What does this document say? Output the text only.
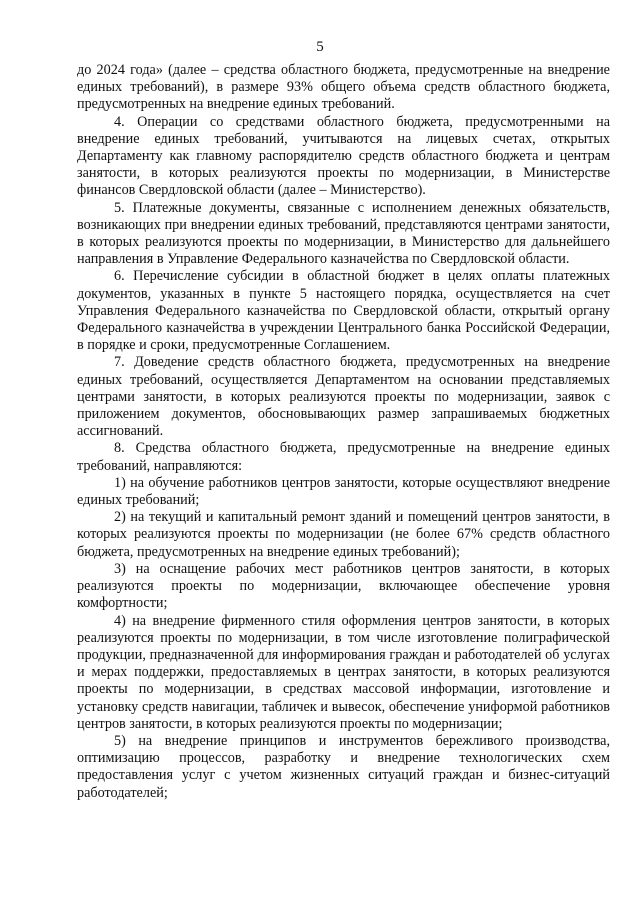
5

до 2024 года» (далее – средства областного бюджета, предусмотренные на внедрение единых требований), в размере 93% общего объема средств областного бюджета, предусмотренных на внедрение единых требований.

4. Операции со средствами областного бюджета, предусмотренными на внедрение единых требований, учитываются на лицевых счетах, открытых Департаменту как главному распорядителю средств областного бюджета и центрам занятости, в которых реализуются проекты по модернизации, в Министерстве финансов Свердловской области (далее – Министерство).

5. Платежные документы, связанные с исполнением денежных обязательств, возникающих при внедрении единых требований, представляются центрами занятости, в которых реализуются проекты по модернизации, в Министерство для дальнейшего направления в Управление Федерального казначейства по Свердловской области.

6. Перечисление субсидии в областной бюджет в целях оплаты платежных документов, указанных в пункте 5 настоящего порядка, осуществляется на счет Управления Федерального казначейства по Свердловской области, открытый органу Федерального казначейства в учреждении Центрального банка Российской Федерации, в порядке и сроки, предусмотренные Соглашением.

7. Доведение средств областного бюджета, предусмотренных на внедрение единых требований, осуществляется Департаментом на основании представляемых центрами занятости, в которых реализуются проекты по модернизации, заявок с приложением документов, обосновывающих размер запрашиваемых бюджетных ассигнований.

8. Средства областного бюджета, предусмотренные на внедрение единых требований, направляются:

1) на обучение работников центров занятости, которые осуществляют внедрение единых требований;

2) на текущий и капитальный ремонт зданий и помещений центров занятости, в которых реализуются проекты по модернизации (не более 67% средств областного бюджета, предусмотренных на внедрение единых требований);

3) на оснащение рабочих мест работников центров занятости, в которых реализуются проекты по модернизации, включающее обеспечение уровня комфортности;

4) на внедрение фирменного стиля оформления центров занятости, в которых реализуются проекты по модернизации, в том числе изготовление полиграфической продукции, предназначенной для информирования граждан и работодателей об услугах и мерах поддержки, предоставляемых в центрах занятости, в которых реализуются проекты по модернизации, в средствах массовой информации, изготовление и установку средств навигации, табличек и вывесок, обеспечение униформой работников центров занятости, в которых реализуются проекты по модернизации;

5) на внедрение принципов и инструментов бережливого производства, оптимизацию процессов, разработку и внедрение технологических схем предоставления услуг с учетом жизненных ситуаций граждан и бизнес-ситуаций работодателей;
